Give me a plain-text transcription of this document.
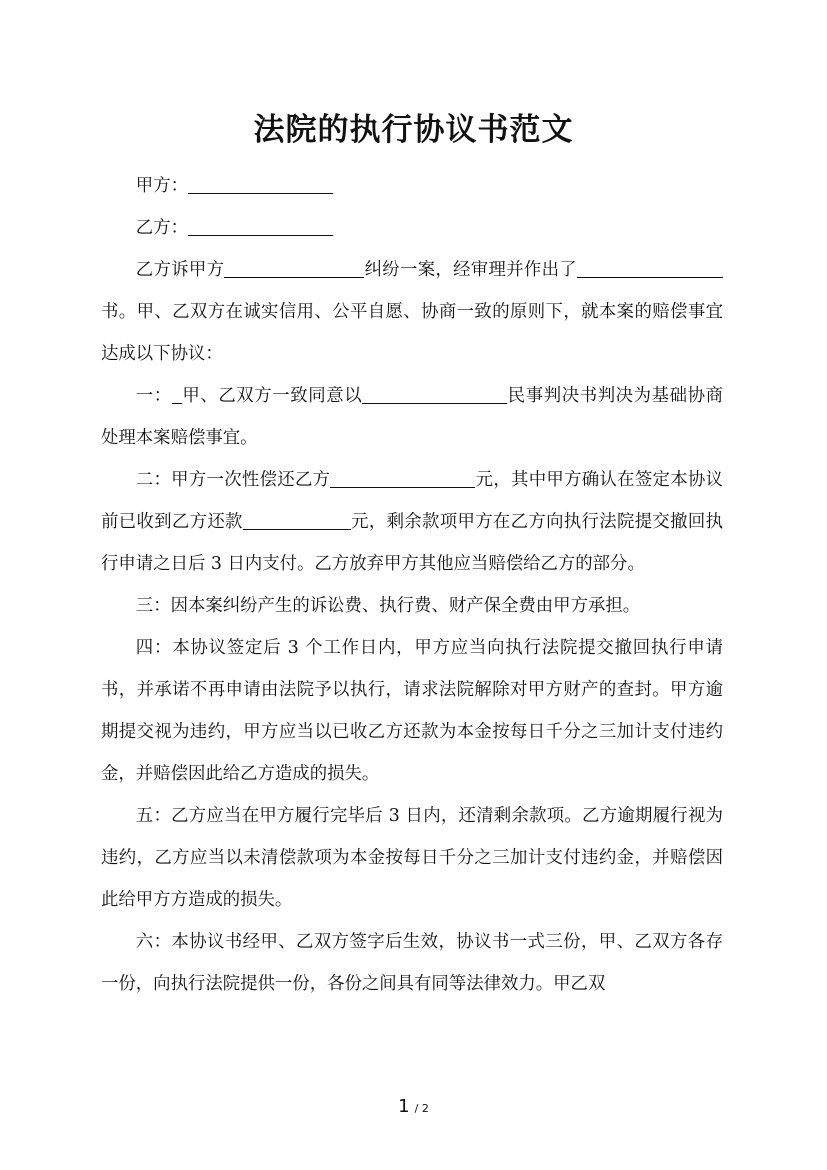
法院的执行协议书范文

甲方：

乙方：

乙方诉甲方	纠纷一案，经审理并作出了书。甲、乙双方在诚实信用、公平自愿、协商一致的原则下，就本案的赔偿事宜达成以下协议：

一： 甲、乙双方一致同意以	民事判决书判决为基础协商处理本案赔偿事宜。

二：甲方一次性偿还乙方	元，其中甲方确认在签定本协议前已收到乙方还款	元，剩余款项甲方在乙方向执行法院提交撤回执行申请之日后 3 日内支付。乙方放弃甲方其他应当赔偿给乙方的部分。

三：因本案纠纷产生的诉讼费、执行费、财产保全费由甲方承担。

四：本协议签定后 3 个工作日内，甲方应当向执行法院提交撤回执行申请书，并承诺不再申请由法院予以执行，请求法院解除对甲方财产的查封。甲方逾期提交视为违约，甲方应当以已收乙方还款为本金按每日千分之三加计支付违约金，并赔偿因此给乙方造成的损失。

五：乙方应当在甲方履行完毕后 3 日内，还清剩余款项。乙方逾期履行视为违约，乙方应当以未清偿款项为本金按每日千分之三加计支付违约金，并赔偿因此给甲方方造成的损失。

六：本协议书经甲、乙双方签字后生效，协议书一式三份，甲、乙双方各存一份，向执行法院提供一份，各份之间具有同等法律效力。甲乙双

1 / 2
